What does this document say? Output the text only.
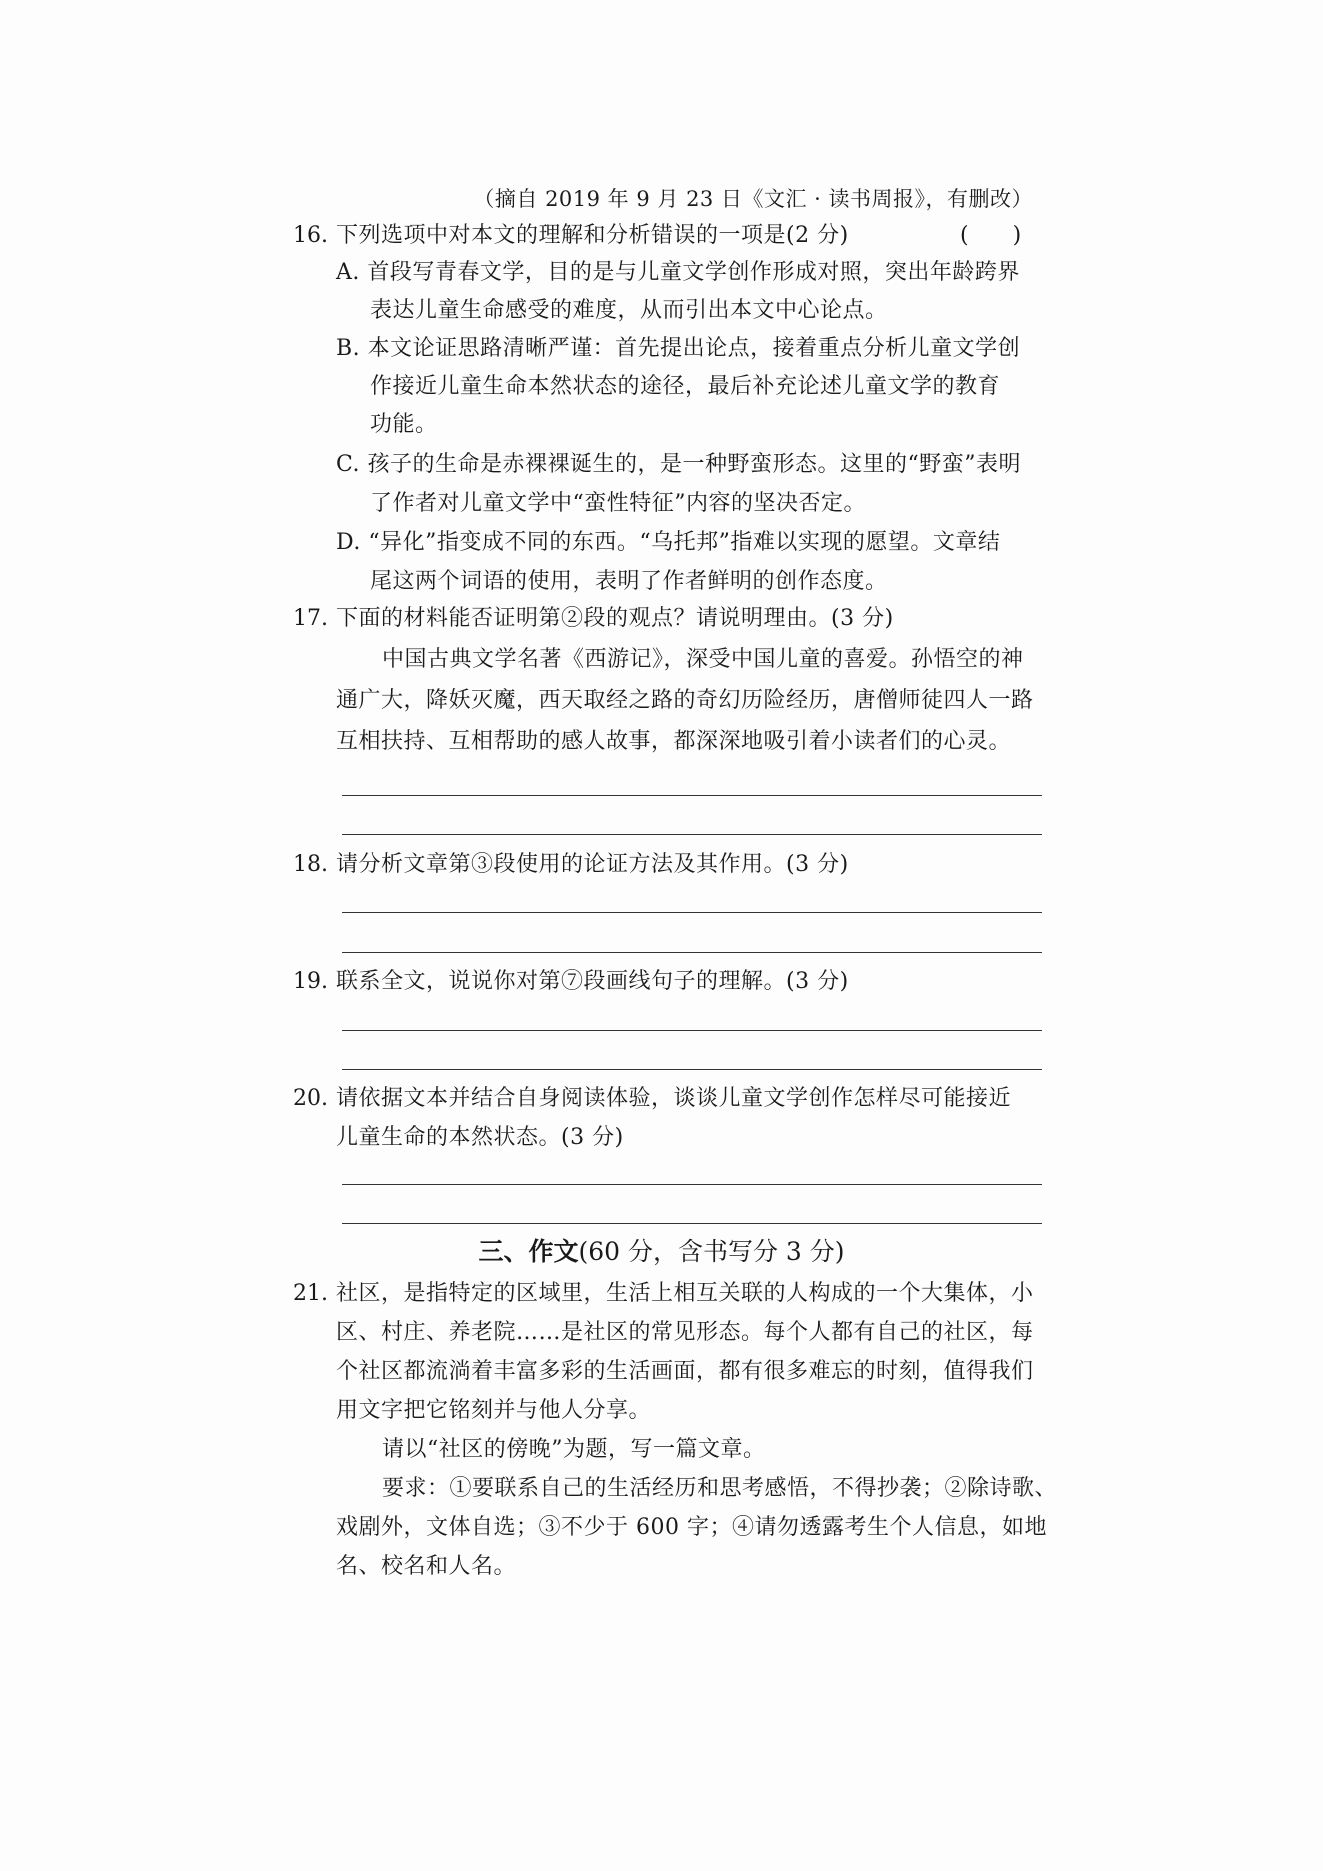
（摘自 2019 年 9 月 23 日《文汇 · 读书周报》，有删改）
16. 下列选项中对本文的理解和分析错误的一项是(2 分)	(　　)
A. 首段写青春文学，目的是与儿童文学创作形成对照，突出年龄跨界
表达儿童生命感受的难度，从而引出本文中心论点。
B. 本文论证思路清晰严谨：首先提出论点，接着重点分析儿童文学创
作接近儿童生命本然状态的途径，最后补充论述儿童文学的教育
功能。
C. 孩子的生命是赤裸裸诞生的，是一种野蛮形态。这里的“野蛮”表明
了作者对儿童文学中“蛮性特征”内容的坚决否定。
D. “异化”指变成不同的东西。“乌托邦”指难以实现的愿望。文章结
尾这两个词语的使用，表明了作者鲜明的创作态度。
17. 下面的材料能否证明第②段的观点？请说明理由。(3 分)
中国古典文学名著《西游记》，深受中国儿童的喜爱。孙悟空的神
通广大，降妖灭魔，西天取经之路的奇幻历险经历，唐僧师徒四人一路
互相扶持、互相帮助的感人故事，都深深地吸引着小读者们的心灵。
18. 请分析文章第③段使用的论证方法及其作用。(3 分)
19. 联系全文，说说你对第⑦段画线句子的理解。(3 分)
20. 请依据文本并结合自身阅读体验，谈谈儿童文学创作怎样尽可能接近
儿童生命的本然状态。(3 分)
三、作文(60 分，含书写分 3 分)
21. 社区，是指特定的区域里，生活上相互关联的人构成的一个大集体，小
区、村庄、养老院……是社区的常见形态。每个人都有自己的社区，每
个社区都流淌着丰富多彩的生活画面，都有很多难忘的时刻，值得我们
用文字把它铭刻并与他人分享。
请以“社区的傍晚”为题，写一篇文章。
要求：①要联系自己的生活经历和思考感悟，不得抄袭；②除诗歌、
戏剧外，文体自选；③不少于 600 字；④请勿透露考生个人信息，如地
名、校名和人名。
